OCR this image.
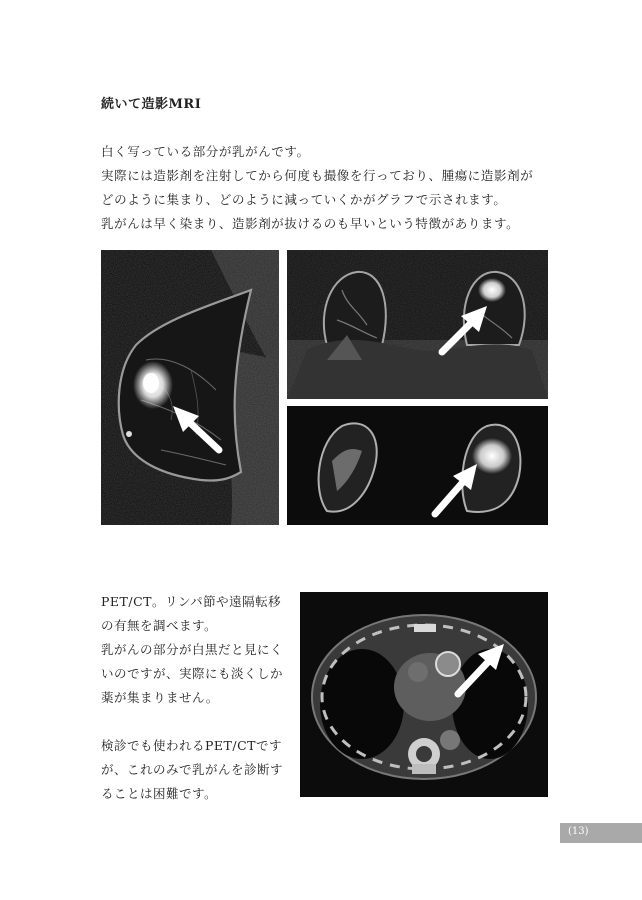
続いて造影MRI

白く写っている部分が乳がんです。

実際には造影剤を注射してから何度も撮像を行っており、腫瘍に造影剤が

どのように集まり、どのように減っていくかがグラフで示されます。

乳がんは早く染まり、造影剤が抜けるのも早いという特徴があります。

PET/CT。リンパ節や遠隔転移

の有無を調べます。

乳がんの部分が白黒だと見にく

いのですが、実際にも淡くしか

薬が集まりません。

検診でも使われるPET/CTです

が、これのみで乳がんを診断す

ることは困難です。

(13)
